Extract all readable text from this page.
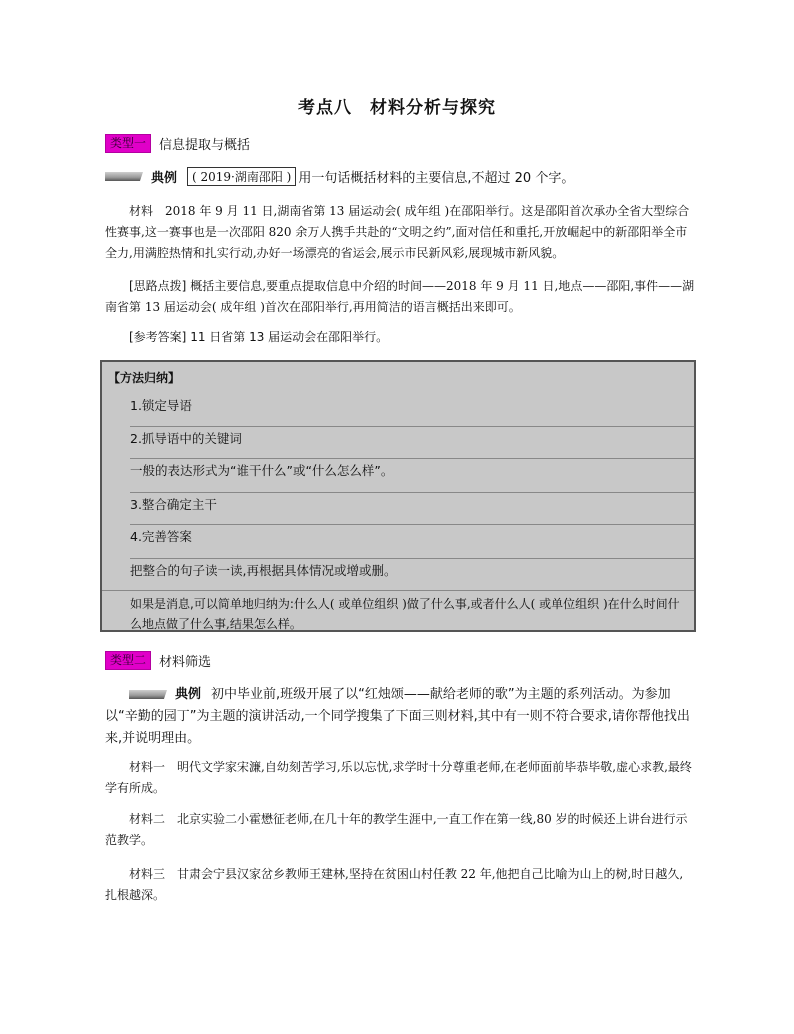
考点八　材料分析与探究
类型一	信息提取与概括
典例	( 2019·湖南邵阳 ) 用一句话概括材料的主要信息,不超过 20 个字。
材料　2018 年 9 月 11 日,湖南省第 13 届运动会( 成年组 )在邵阳举行。这是邵阳首次承办全省大型综合性赛事,这一赛事也是一次邵阳 820 余万人携手共赴的“文明之约”,面对信任和重托,开放崛起中的新邵阳举全市全力,用满腔热情和扎实行动,办好一场漂亮的省运会,展示市民新风彩,展现城市新风貌。
[思路点拨] 概括主要信息,要重点提取信息中介绍的时间——2018 年 9 月 11 日,地点——邵阳,事件——湖南省第 13 届运动会( 成年组 )首次在邵阳举行,再用简洁的语言概括出来即可。
[参考答案] 11 日省第 13 届运动会在邵阳举行。
【方法归纳】
1.锁定导语
2.抓导语中的关键词
一般的表达形式为“谁干什么”或“什么怎么样”。
3.整合确定主干
4.完善答案
把整合的句子读一读,再根据具体情况或增或删。
如果是消息,可以简单地归纳为:什么人( 或单位组织 )做了什么事,或者什么人( 或单位组织 )在什么时间什么地点做了什么事,结果怎么样。
类型二	材料筛选
典例 初中毕业前,班级开展了以“红烛颂——献给老师的歌”为主题的系列活动。为参加以“辛勤的园丁”为主题的演讲活动,一个同学搜集了下面三则材料,其中有一则不符合要求,请你帮他找出来,并说明理由。
材料一　明代文学家宋濂,自幼刻苦学习,乐以忘忧,求学时十分尊重老师,在老师面前毕恭毕敬,虚心求教,最终学有所成。
材料二　北京实验二小霍懋征老师,在几十年的教学生涯中,一直工作在第一线,80 岁的时候还上讲台进行示范教学。
材料三　甘肃会宁县汉家岔乡教师王建林,坚持在贫困山村任教 22 年,他把自己比喻为山上的树,时日越久,扎根越深。
